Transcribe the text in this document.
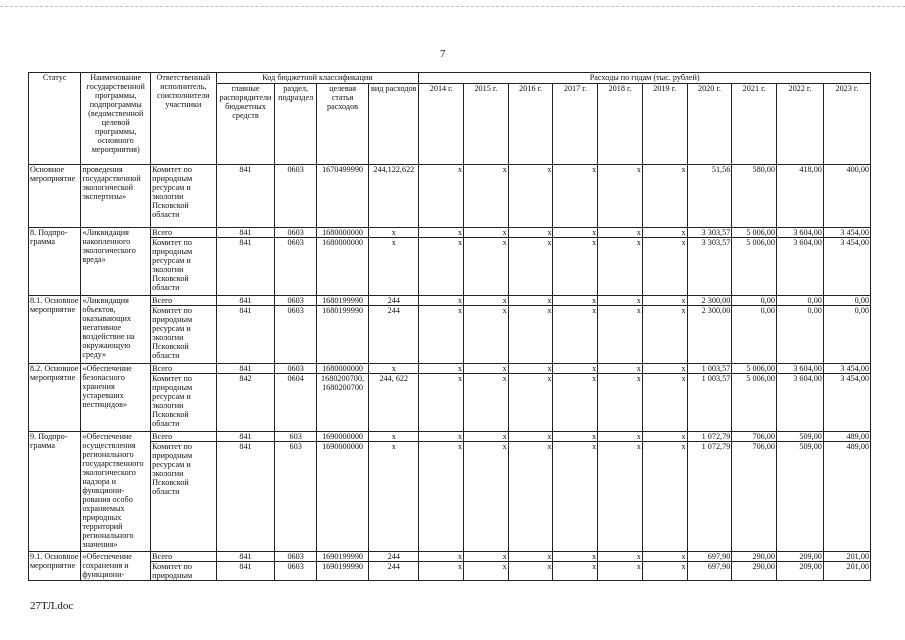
7
Статус	Наименование государственной программы, подпрограммы (ведомственной целевой программы, основного мероприятия)	Ответственный исполнитель, соисполнители участники	Код бюджетной классификации				Расходы по годам (тыс. рублей)									
			главные распорядители бюджетных средств	раздел, подраздел	целевая статья расходов	вид расходов	2014 г.	2015 г.	2016 г.	2017 г.	2018 г.	2019 г.	2020 г.	2021 г.	2022 г.	2023 г.
Основное мероприятие	проведения государственной экологической экспертизы»	Комитет по природным ресурсам и экологии Псковской области	841	0603	1670499990	244,122,622	x	x	x	x	x	x	51,56	580,00	418,00	400,00
8. Подпро-грамма	«Ликвидация накопленного экологического вреда»	Всего	841	0603	1680000000	x	x	x	x	x	x	x	3 303,57	5 006,00	3 604,00	3 454,00
		Комитет по природным ресурсам и экологии Псковской области	841	0603	1680000000	x	x	x	x	x	x	x	3 303,57	5 006,00	3 604,00	3 454,00
8.1. Основное мероприятие	«Ликвидация объектов, оказывающих негативное воздействие на окружающую среду»	Всего	841	0603	1680199990	244	x	x	x	x	x	x	2 300,00	0,00	0,00	0,00
		Комитет по природным ресурсам и экологии Псковской области	841	0603	1680199990	244	x	x	x	x	x	x	2 300,00	0,00	0,00	0,00
8.2. Основное мероприятие	«Обеспечение безопасного хранения устаревших пестицидов»	Всего	841	0603	1680000000	x	x	x	x	x	x	x	1 003,57	5 006,00	3 604,00	3 454,00
		Комитет по природным ресурсам и экологии Псковской области	842	0604	1680200700, 1680200700	244, 622	x	x	x	x	x	x	1 003,57	5 006,00	3 604,00	3 454,00
9. Подпро-грамма	«Обеспечение осуществления регионального государственного экологического надзора и функциони-рования особо охраняемых природных территорий регионального значения»	Всего	841	603	1690000000	x	x	x	x	x	x	x	1 072,79	706,00	509,00	489,00
		Комитет по природным ресурсам и экологии Псковской области	841	603	1690000000	x	x	x	x	x	x	x	1 072,79	706,00	509,00	489,00
9.1. Основное мероприятие	«Обеспечение сохранения и функциони-	Всего	841	0603	1690199990	244	x	x	x	x	x	x	697,90	290,00	209,00	201,00
		Комитет по природным	841	0603	1690199990	244	x	x	x	x	x	x	697,90	290,00	209,00	201,00
27ТЛ.doc
